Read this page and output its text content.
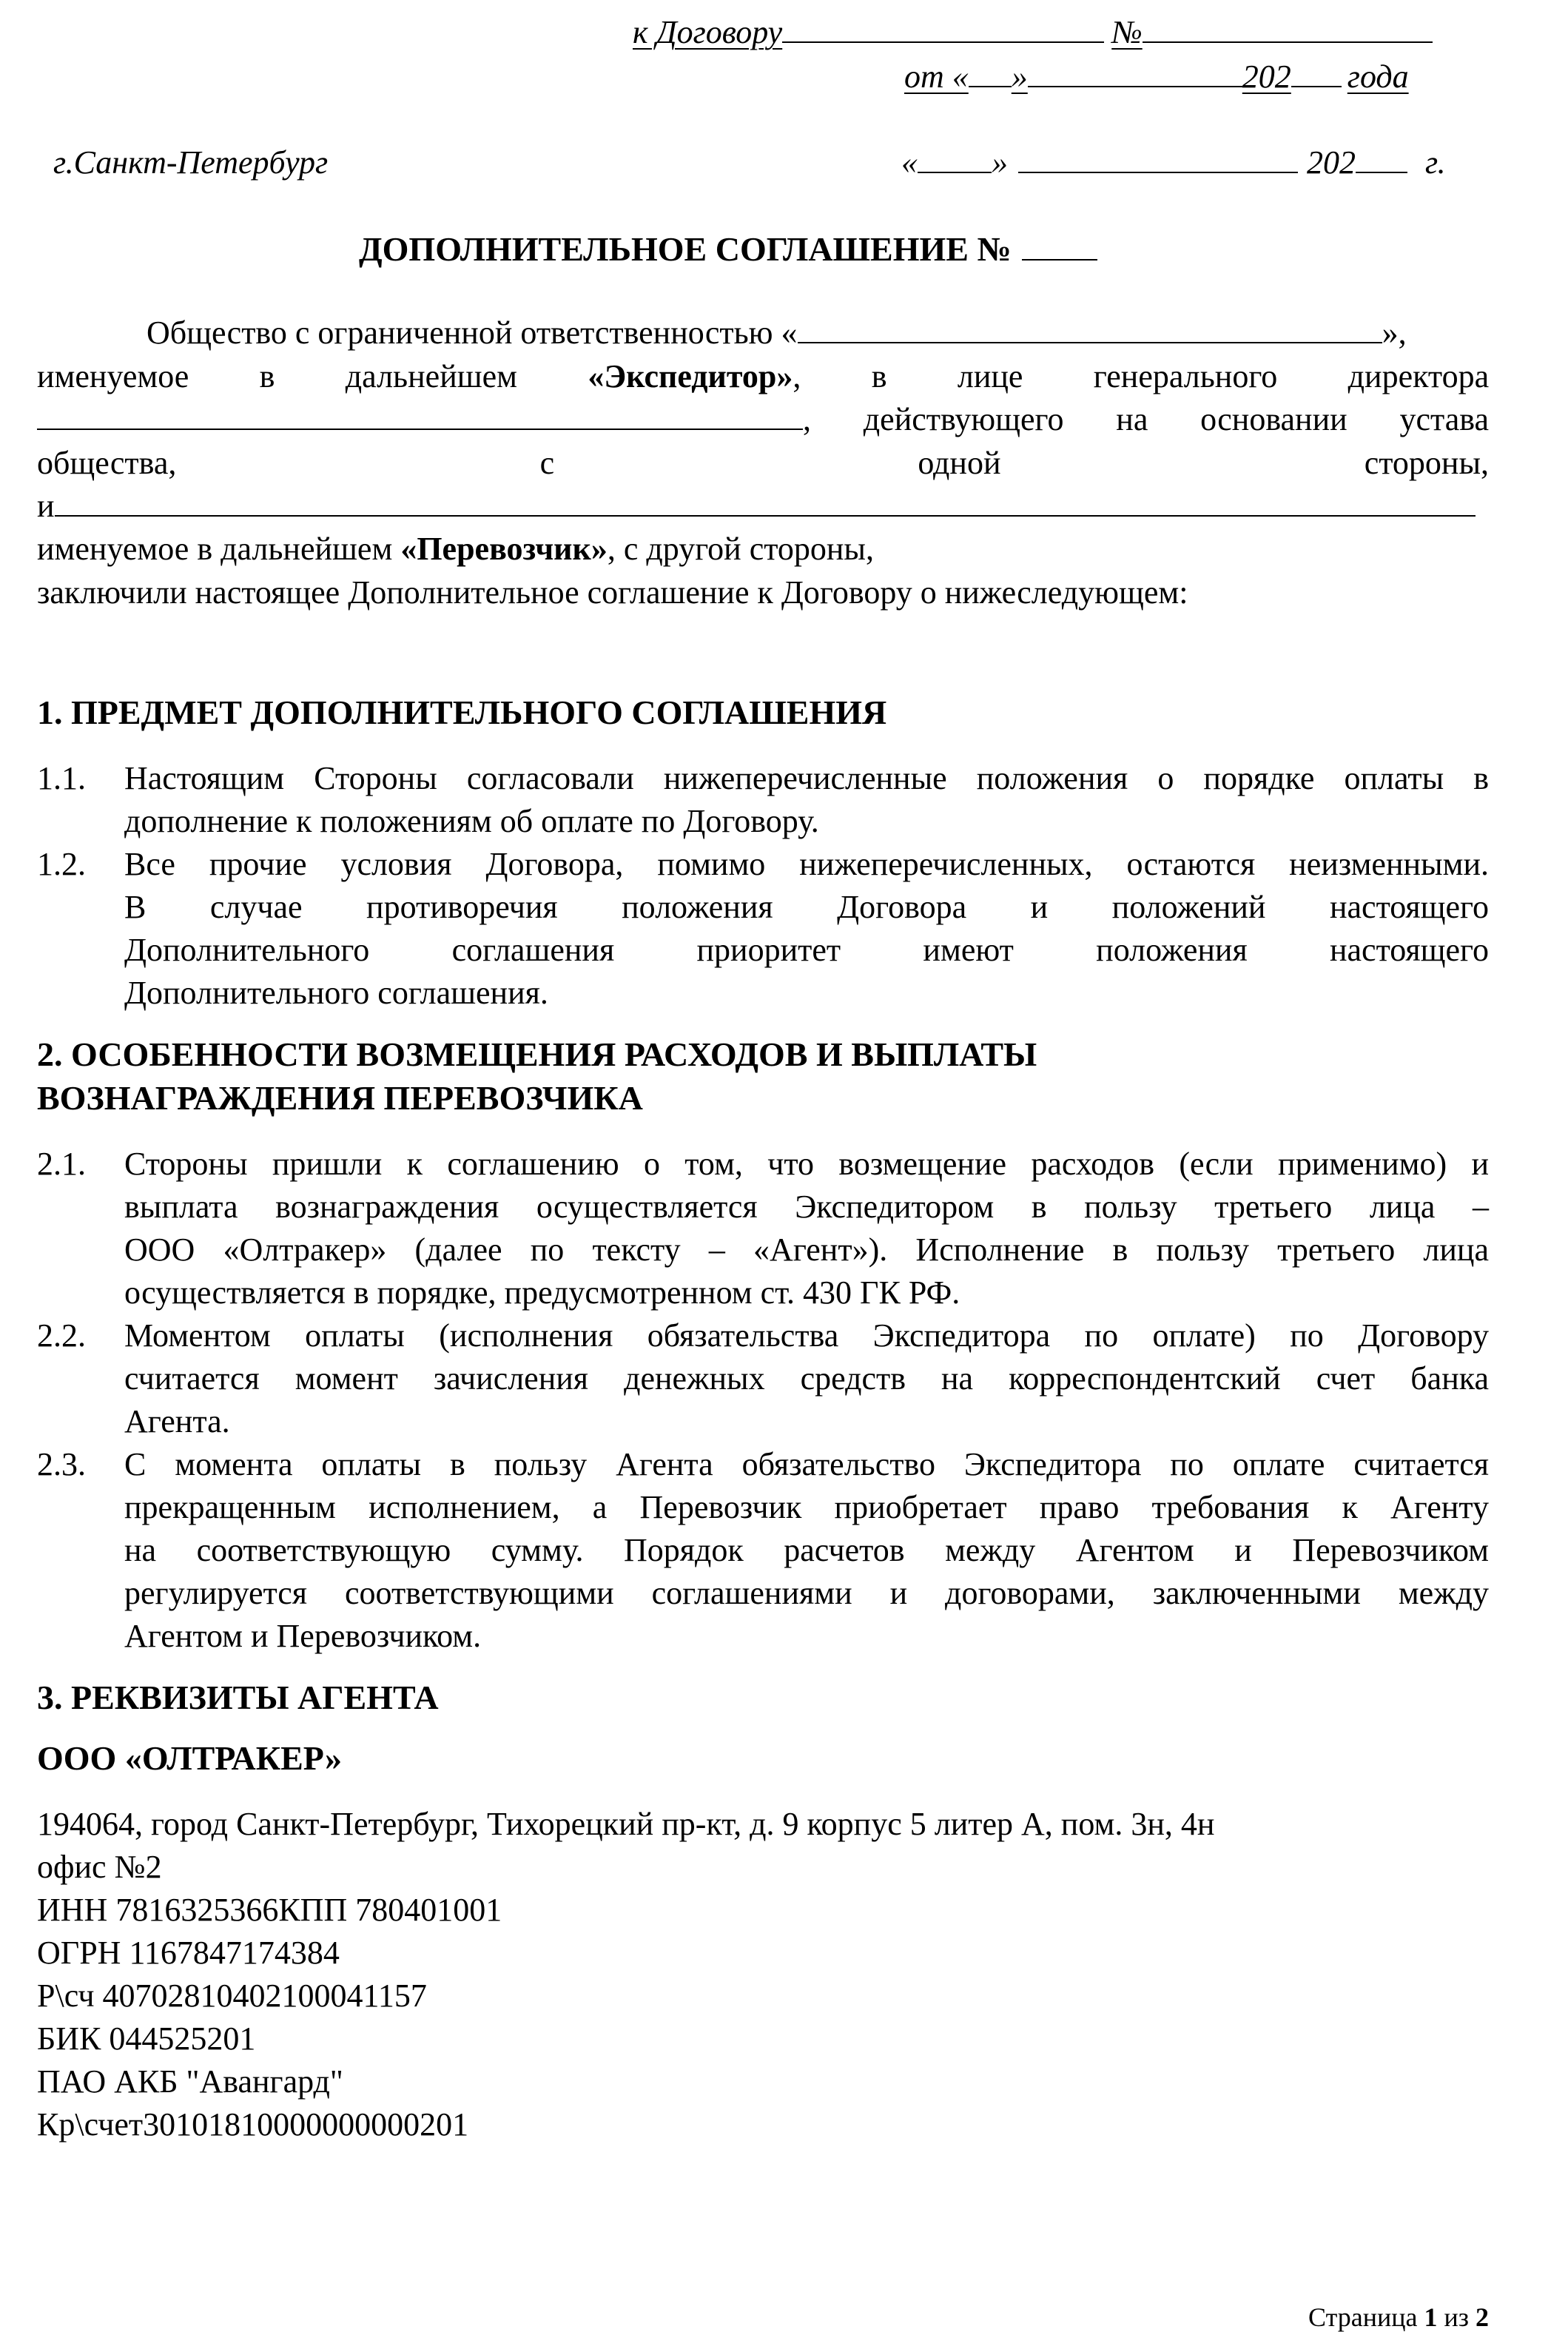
к Договору	№
от « »	202 года
г.Санкт-Петербург	« »	202 г.
ДОПОЛНИТЕЛЬНОЕ СОГЛАШЕНИЕ №
Общество с ограниченной ответственностью «	»,
именуемое в дальнейшем «Экспедитор», в лице генерального директора
, действующего на основании устава
общества,	с	одной	стороны,
и
именуемое в дальнейшем «Перевозчик», с другой стороны,
заключили настоящее Дополнительное соглашение к Договору о нижеследующем:
1. ПРЕДМЕТ ДОПОЛНИТЕЛЬНОГО СОГЛАШЕНИЯ
1.1. Настоящим Стороны согласовали нижеперечисленные положения о порядке оплаты в
дополнение к положениям об оплате по Договору.
1.2. Все прочие условия Договора, помимо нижеперечисленных, остаются неизменными.
В случае противоречия положения Договора и положений настоящего
Дополнительного	соглашения	приоритет	имеют	положения	настоящего
Дополнительного соглашения.
2. ОСОБЕННОСТИ ВОЗМЕЩЕНИЯ РАСХОДОВ И ВЫПЛАТЫ
ВОЗНАГРАЖДЕНИЯ ПЕРЕВОЗЧИКА
2.1. Стороны пришли к соглашению о том, что возмещение расходов (если применимо) и
выплата вознаграждения осуществляется Экспедитором в пользу третьего лица –
ООО «Олтракер» (далее по тексту – «Агент»). Исполнение в пользу третьего лица
осуществляется в порядке, предусмотренном ст. 430 ГК РФ.
2.2. Моментом оплаты (исполнения обязательства Экспедитора по оплате) по Договору
считается момент зачисления денежных средств на корреспондентский счет банка
Агента.
2.3. С момента оплаты в пользу Агента обязательство Экспедитора по оплате считается
прекращенным исполнением, а Перевозчик приобретает право требования к Агенту
на соответствующую сумму. Порядок расчетов между Агентом и Перевозчиком
регулируется соответствующими соглашениями и договорами, заключенными между
Агентом и Перевозчиком.
3. РЕКВИЗИТЫ АГЕНТА
ООО «ОЛТРАКЕР»
194064, город Санкт-Петербург, Тихорецкий пр-кт, д. 9 корпус 5 литер А, пом. 3н, 4н
офис №2
ИНН 7816325366КПП 780401001
ОГРН 1167847174384
Р\сч 40702810402100041157
БИК 044525201
ПАО АКБ "Авангард"
Кр\счет30101810000000000201
Страница 1 из 2
